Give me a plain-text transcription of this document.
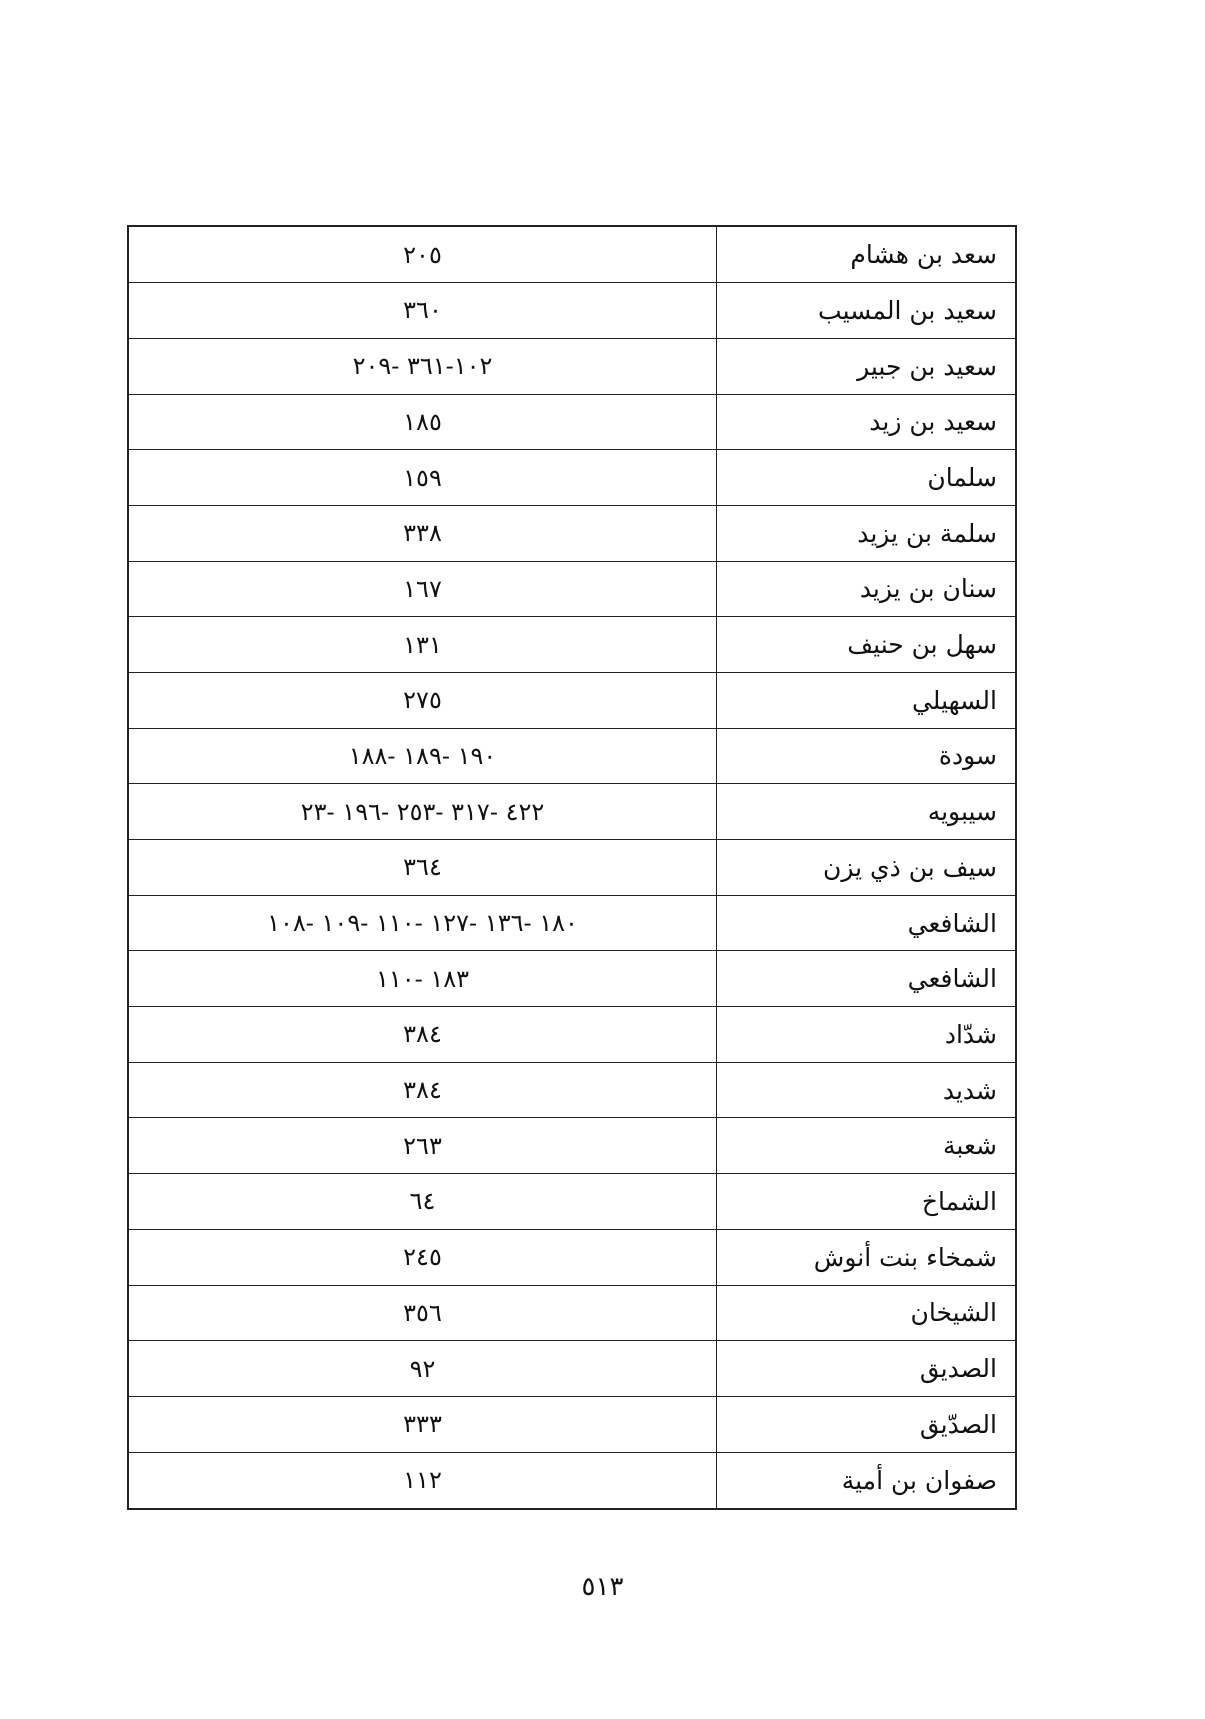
سعد بن هشام	٢٠٥
سعيد بن المسيب	٣٦٠
سعيد بن جبير	١٠٢-٣٦١ -٢٠٩
سعيد بن زيد	١٨٥
سلمان	١٥٩
سلمة بن يزيد	٣٣٨
سنان بن يزيد	١٦٧
سهل بن حنيف	١٣١
السهيلي	٢٧٥
سودة	١٩٠ -١٨٩ -١٨٨
سيبويه	٤٢٢ -٣١٧ -٢٥٣ -١٩٦ -٢٣
سيف بن ذي يزن	٣٦٤
الشافعي	١٨٠ -١٣٦ -١٢٧ -١١٠ -١٠٩ -١٠٨
الشافعي	١٨٣ -١١٠
شدّاد	٣٨٤
شديد	٣٨٤
شعبة	٢٦٣
الشماخ	٦٤
شمخاء بنت أنوش	٢٤٥
الشيخان	٣٥٦
الصديق	٩٢
الصدّيق	٣٣٣
صفوان بن أمية	١١٢
٥١٣
